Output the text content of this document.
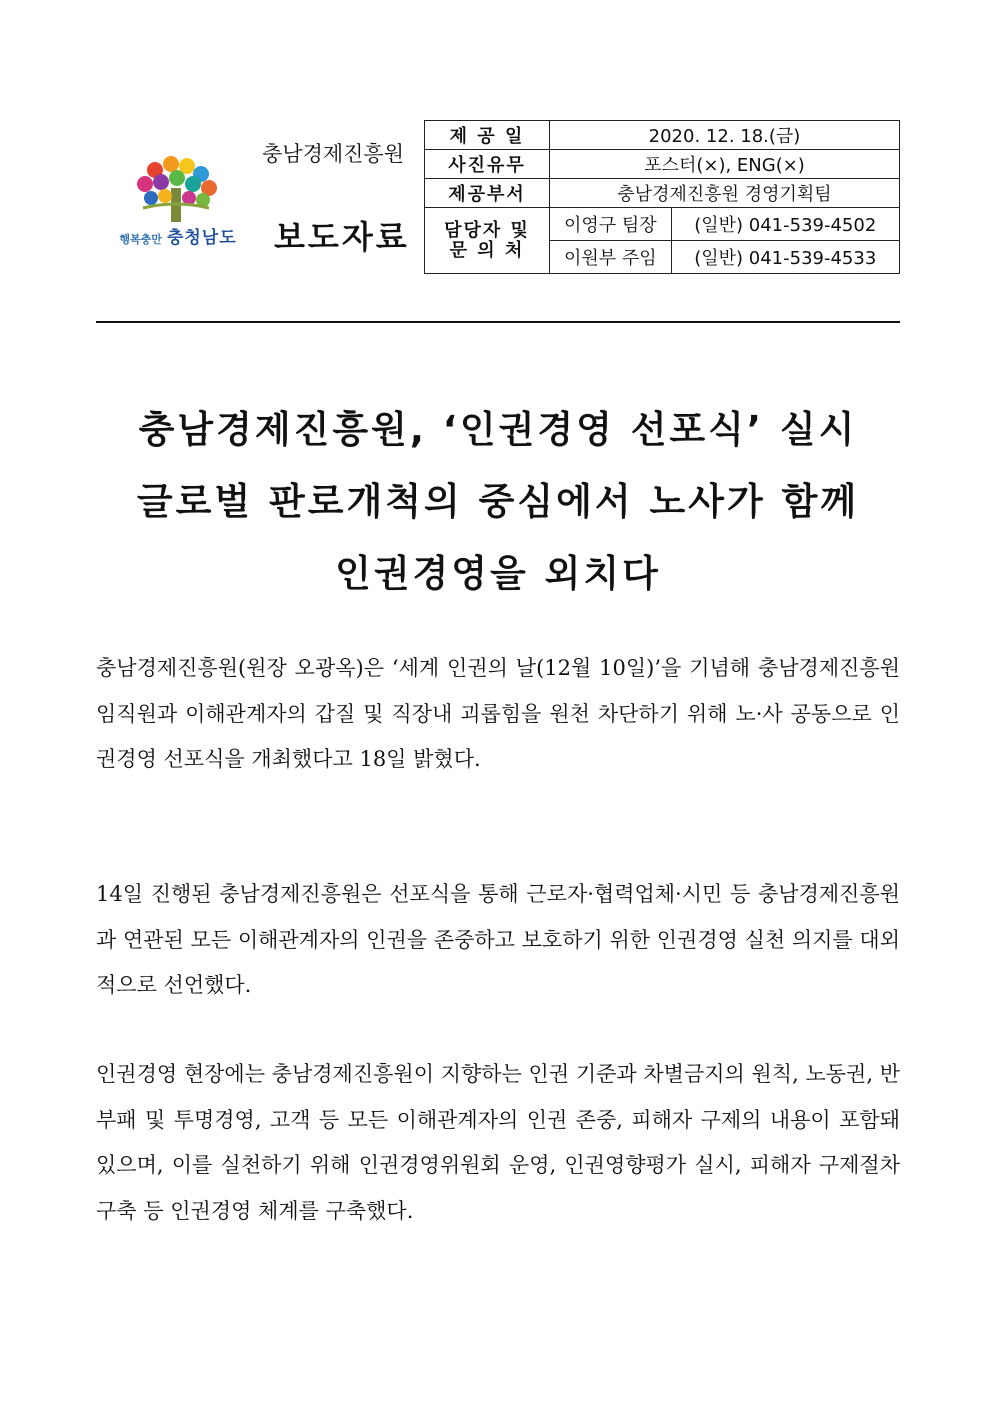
행복충만 충청남도
충남경제진흥원
보도자료
제 공 일	2020. 12. 18.(금)	
사진유무	포스터(×), ENG(×)	
제공부서	충남경제진흥원 경영기획팀	

담당자 및
문 의 처	이영구 팀장	(일반) 041-539-4502
	이원부 주임	(일반) 041-539-4533
충남경제진흥원, ‘인권경영 선포식’ 실시
글로벌 판로개척의 중심에서 노사가 함께
인권경영을 외치다
충남경제진흥원(원장 오광옥)은 ‘세계 인권의 날(12월 10일)’을 기념해 충남경제진흥원 임직원과 이해관계자의 갑질 및 직장내 괴롭힘을 원천 차단하기 위해 노·사 공동으로 인권경영 선포식을 개최했다고 18일 밝혔다.
14일 진행된 충남경제진흥원은 선포식을 통해 근로자·협력업체·시민 등 충남경제진흥원과 연관된 모든 이해관계자의 인권을 존중하고 보호하기 위한 인권경영 실천 의지를 대외적으로 선언했다.
인권경영 현장에는 충남경제진흥원이 지향하는 인권 기준과 차별금지의 원칙, 노동권, 반부패 및 투명경영, 고객 등 모든 이해관계자의 인권 존중, 피해자 구제의 내용이 포함돼 있으며, 이를 실천하기 위해 인권경영위원회 운영, 인권영향평가 실시, 피해자 구제절차 구축 등 인권경영 체계를 구축했다.
